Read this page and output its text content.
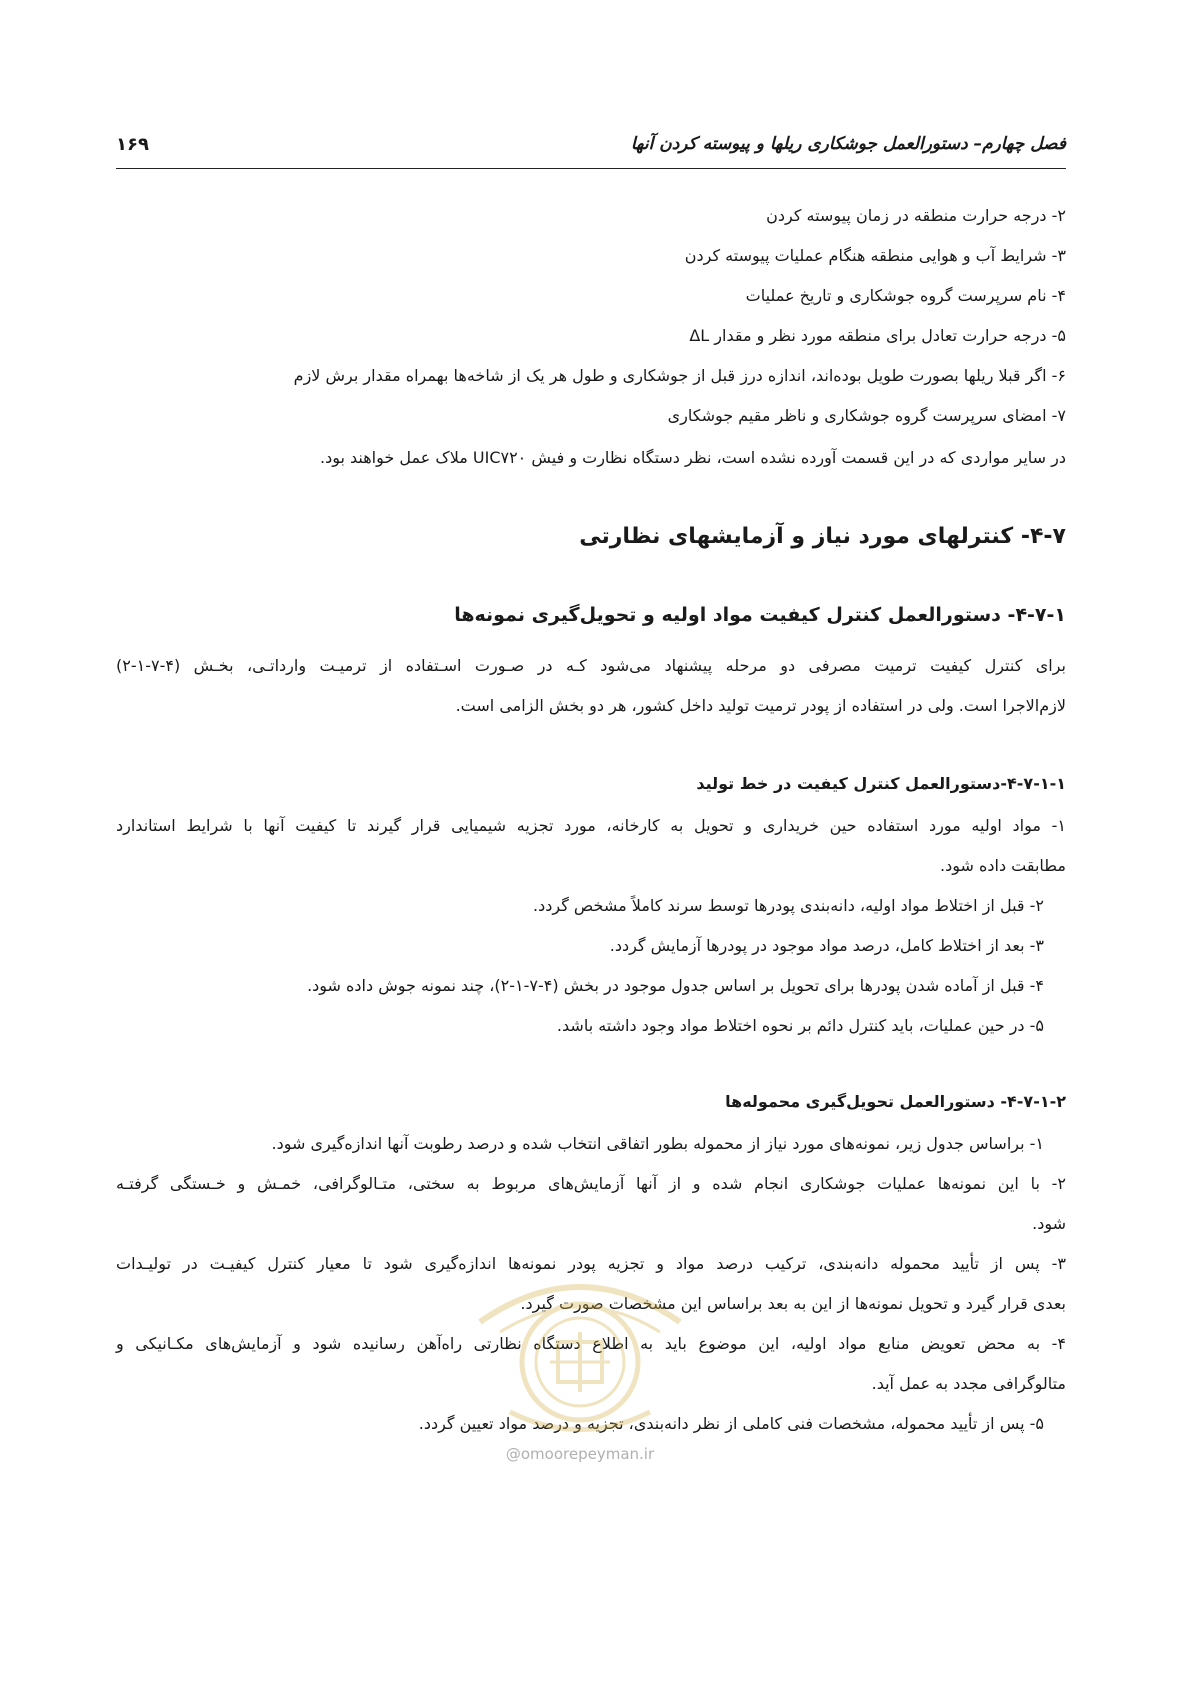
فصل چهارم– دستورالعمل جوشکاری ریلها و پیوسته کردن آنها
۱۶۹
۲- درجه حرارت منطقه در زمان پیوسته کردن
۳- شرایط آب و هوایی منطقه هنگام عملیات پیوسته کردن
۴- نام سرپرست گروه جوشکاری و تاریخ عملیات
۵- درجه حرارت تعادل برای منطقه مورد نظر و مقدار ΔL
۶- اگر قبلا ریلها بصورت طویل بوده‌اند، اندازه درز قبل از جوشکاری و طول هر یک از شاخه‌ها بهمراه مقدار برش لازم
۷- امضای سرپرست گروه جوشکاری و ناظر مقیم جوشکاری
در سایر مواردی که در این قسمت آورده نشده است، نظر دستگاه نظارت و فیش UIC۷۲۰ ملاک عمل خواهند بود.
۴-۷- کنترلهای مورد نیاز و آزمایشهای نظارتی
۴-۷-۱- دستورالعمل کنترل کیفیت مواد اولیه و تحویل‌گیری نمونه‌ها
برای کنترل کیفیت ترمیت مصرفی دو مرحله پیشنهاد می‌شود کـه در صـورت اسـتفاده از ترمیـت وارداتـی، بخـش (۴-۷-۱-۲)
لازم‌الاجرا است. ولی در استفاده از پودر ترمیت تولید داخل کشور، هر دو بخش الزامی است.
۴-۷-۱-۱-دستورالعمل کنترل کیفیت در خط تولید
۱- مواد اولیه مورد استفاده حین خریداری و تحویل به کارخانه، مورد تجزیه شیمیایی قرار گیرند تا کیفیت آنها با شرایط استاندارد
مطابقت داده شود.
۲- قبل از اختلاط مواد اولیه، دانه‌بندی پودرها توسط سرند کاملاً مشخص گردد.
۳- بعد از اختلاط کامل، درصد مواد موجود در پودرها آزمایش گردد.
۴- قبل از آماده شدن پودرها برای تحویل بر اساس جدول موجود در بخش (۴-۷-۱-۲)، چند نمونه جوش داده شود.
۵- در حین عملیات، باید کنترل دائم بر نحوه اختلاط مواد وجود داشته باشد.
۴-۷-۱-۲- دستورالعمل تحویل‌گیری محموله‌ها
۱- براساس جدول زیر، نمونه‌های مورد نیاز از محموله بطور اتفاقی انتخاب شده و درصد رطوبت آنها اندازه‌گیری شود.
۲- با این نمونه‌ها عملیات جوشکاری انجام شده و از آنها آزمایش‌های مربوط به سختی، متـالوگرافی، خمـش و خـستگی گرفتـه
شود.
۳- پس از تأیید محموله دانه‌بندی، ترکیب درصد مواد و تجزیه پودر نمونه‌ها اندازه‌گیری شود تا معیار کنترل کیفیـت در تولیـدات
بعدی قرار گیرد و تحویل نمونه‌ها از این به بعد براساس این مشخصات صورت گیرد.
۴- به محض تعویض منابع مواد اولیه، این موضوع باید به اطلاع دستگاه نظارتی راه‌آهن رسانیده شود و آزمایش‌های مکـانیکی و
متالوگرافی مجدد به عمل آید.
۵- پس از تأیید محموله، مشخصات فنی کاملی از نظر دانه‌بندی، تجزیه و درصد مواد تعیین گردد.
@omoorepeyman.ir
